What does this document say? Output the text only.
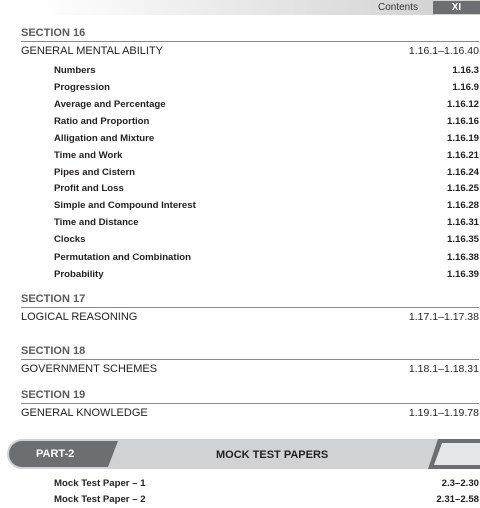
Contents	XI
SECTION 16
GENERAL MENTAL ABILITY	1.16.1–1.16.40
Numbers	1.16.3
Progression	1.16.9
Average and Percentage	1.16.12
Ratio and Proportion	1.16.16
Alligation and Mixture	1.16.19
Time and Work	1.16.21
Pipes and Cistern	1.16.24
Profit and Loss	1.16.25
Simple and Compound Interest	1.16.28
Time and Distance	1.16.31
Clocks	1.16.35
Permutation and Combination	1.16.38
Probability	1.16.39
SECTION 17
LOGICAL REASONING	1.17.1–1.17.38
SECTION 18
GOVERNMENT SCHEMES	1.18.1–1.18.31
SECTION 19
GENERAL KNOWLEDGE	1.19.1–1.19.78
PART-2	MOCK TEST PAPERS
Mock Test Paper – 1	2.3–2.30
Mock Test Paper – 2	2.31–2.58
